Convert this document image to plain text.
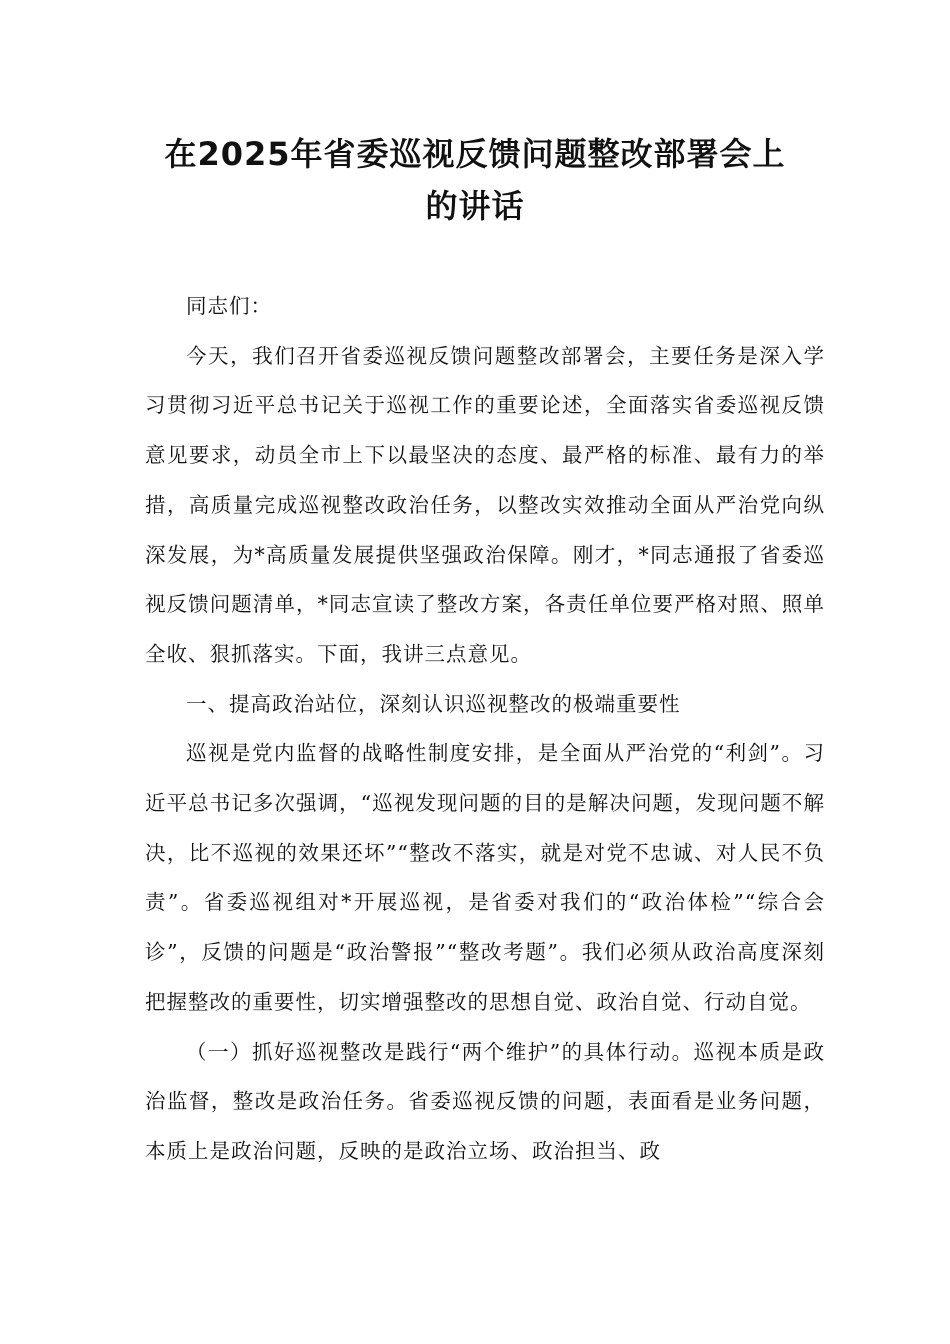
在2025年省委巡视反馈问题整改部署会上
的讲话

同志们：

今天，我们召开省委巡视反馈问题整改部署会，主要任务是深入学习贯彻习近平总书记关于巡视工作的重要论述，全面落实省委巡视反馈意见要求，动员全市上下以最坚决的态度、最严格的标准、最有力的举措，高质量完成巡视整改政治任务，以整改实效推动全面从严治党向纵深发展，为*高质量发展提供坚强政治保障。刚才，*同志通报了省委巡视反馈问题清单，*同志宣读了整改方案，各责任单位要严格对照、照单全收、狠抓落实。下面，我讲三点意见。

一、提高政治站位，深刻认识巡视整改的极端重要性

巡视是党内监督的战略性制度安排，是全面从严治党的“利剑”。习近平总书记多次强调，“巡视发现问题的目的是解决问题，发现问题不解决，比不巡视的效果还坏”“整改不落实，就是对党不忠诚、对人民不负责”。省委巡视组对*开展巡视，是省委对我们的“政治体检”“综合会诊”，反馈的问题是“政治警报”“整改考题”。我们必须从政治高度深刻把握整改的重要性，切实增强整改的思想自觉、政治自觉、行动自觉。

（一）抓好巡视整改是践行“两个维护”的具体行动。巡视本质是政治监督，整改是政治任务。省委巡视反馈的问题，表面看是业务问题，本质上是政治问题，反映的是政治立场、政治担当、政
